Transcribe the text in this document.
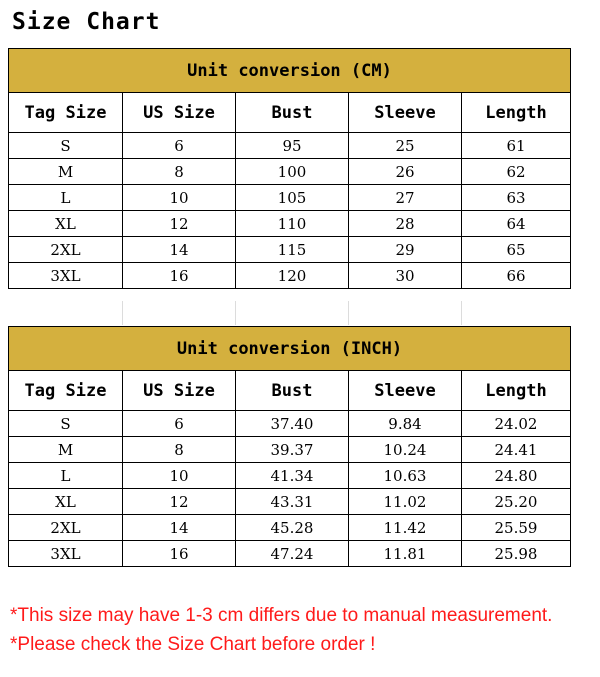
Size Chart
Unit conversion (CM)				
Tag Size	US Size	Bust	Sleeve	Length
S	6	95	25	61
M	8	100	26	62
L	10	105	27	63
XL	12	110	28	64
2XL	14	115	29	65
3XL	16	120	30	66
Unit conversion (INCH)				
Tag Size	US Size	Bust	Sleeve	Length
S	6	37.40	9.84	24.02
M	8	39.37	10.24	24.41
L	10	41.34	10.63	24.80
XL	12	43.31	11.02	25.20
2XL	14	45.28	11.42	25.59
3XL	16	47.24	11.81	25.98

*This size may have 1-3 cm differs due to manual measurement.

*Please check the Size Chart before order !
